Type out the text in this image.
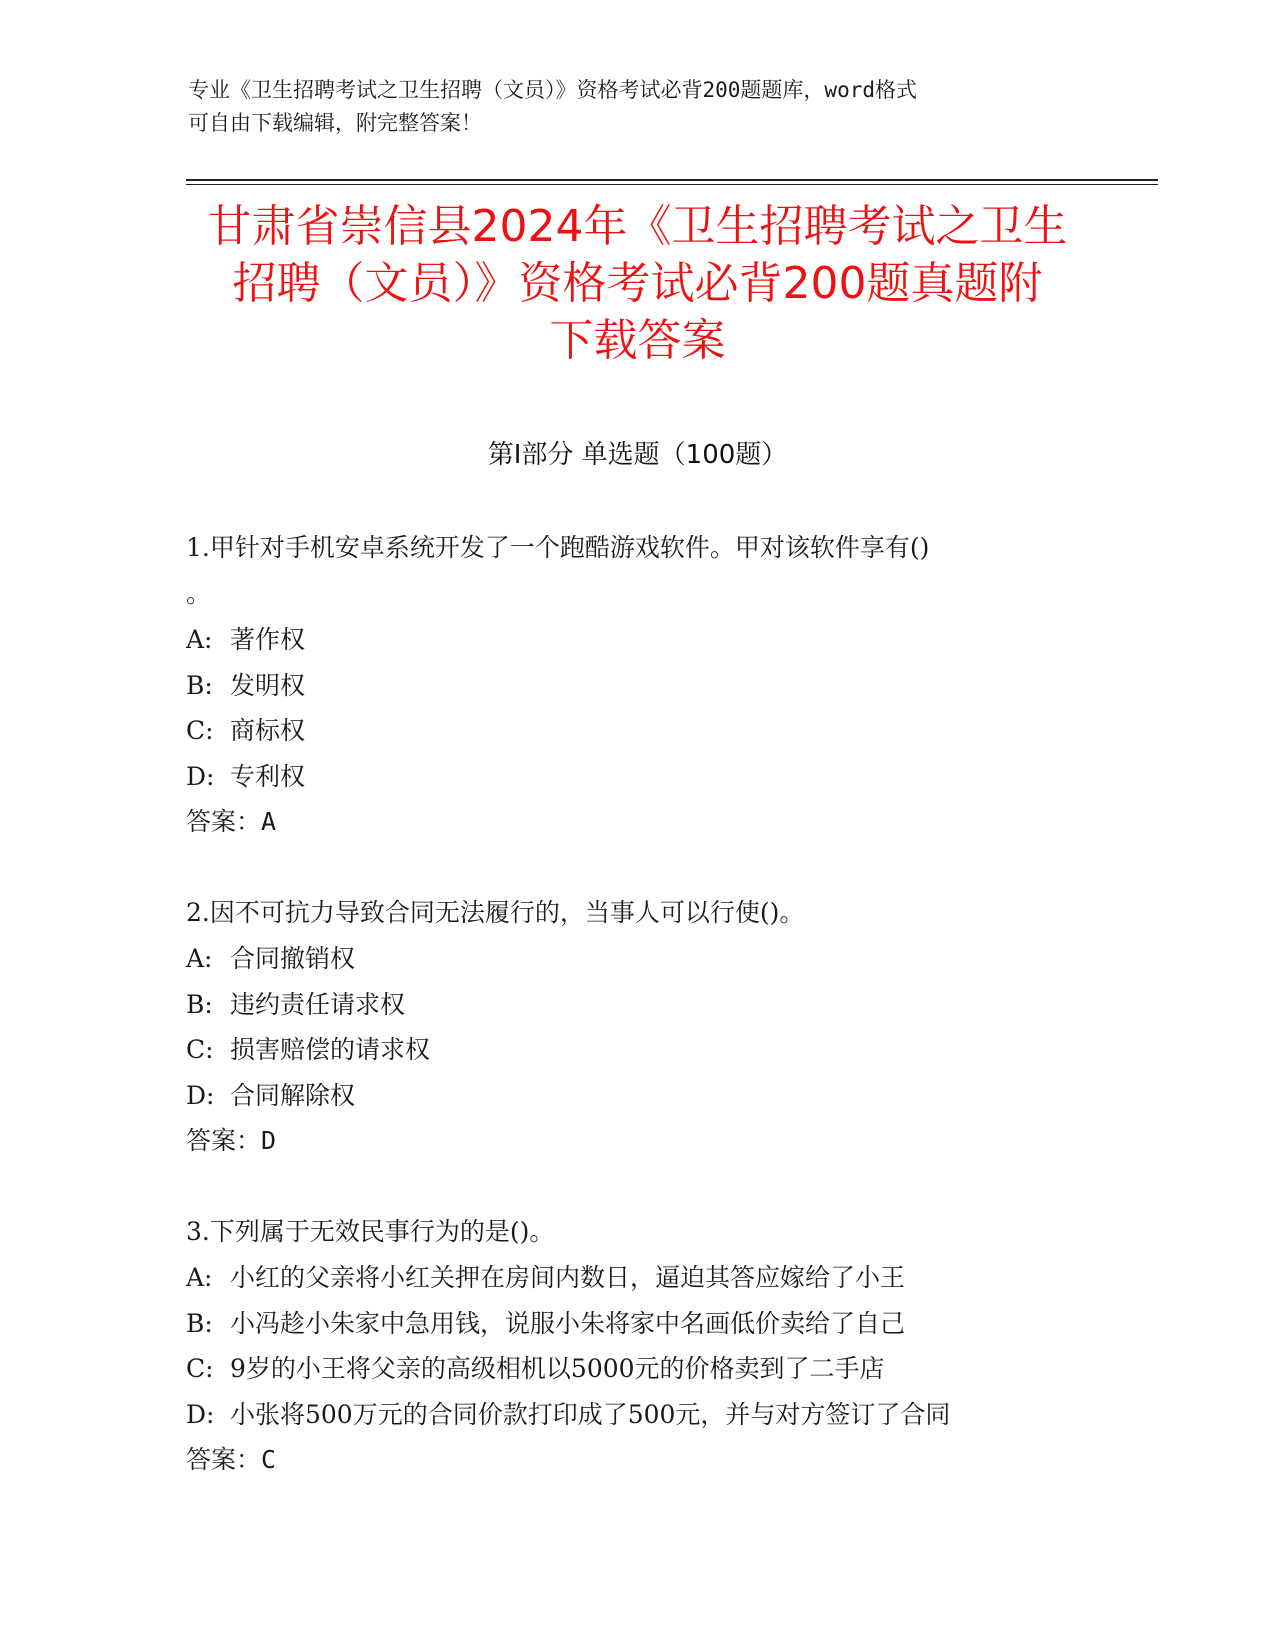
专业《卫生招聘考试之卫生招聘（文员）》资格考试必背200题题库，word格式
可自由下载编辑，附完整答案！
甘肃省崇信县2024年《卫生招聘考试之卫生
招聘（文员）》资格考试必背200题真题附
下载答案
第Ⅰ部分 单选题（100题）
1.甲针对手机安卓系统开发了一个跑酷游戏软件。甲对该软件享有()
。
A: 著作权
B: 发明权
C: 商标权
D: 专利权
答案：A
2.因不可抗力导致合同无法履行的，当事人可以行使()。
A: 合同撤销权
B: 违约责任请求权
C: 损害赔偿的请求权
D: 合同解除权
答案：D
3.下列属于无效民事行为的是()。
A: 小红的父亲将小红关押在房间内数日，逼迫其答应嫁给了小王
B: 小冯趁小朱家中急用钱，说服小朱将家中名画低价卖给了自己
C: 9岁的小王将父亲的高级相机以5000元的价格卖到了二手店
D: 小张将500万元的合同价款打印成了500元，并与对方签订了合同
答案：C
